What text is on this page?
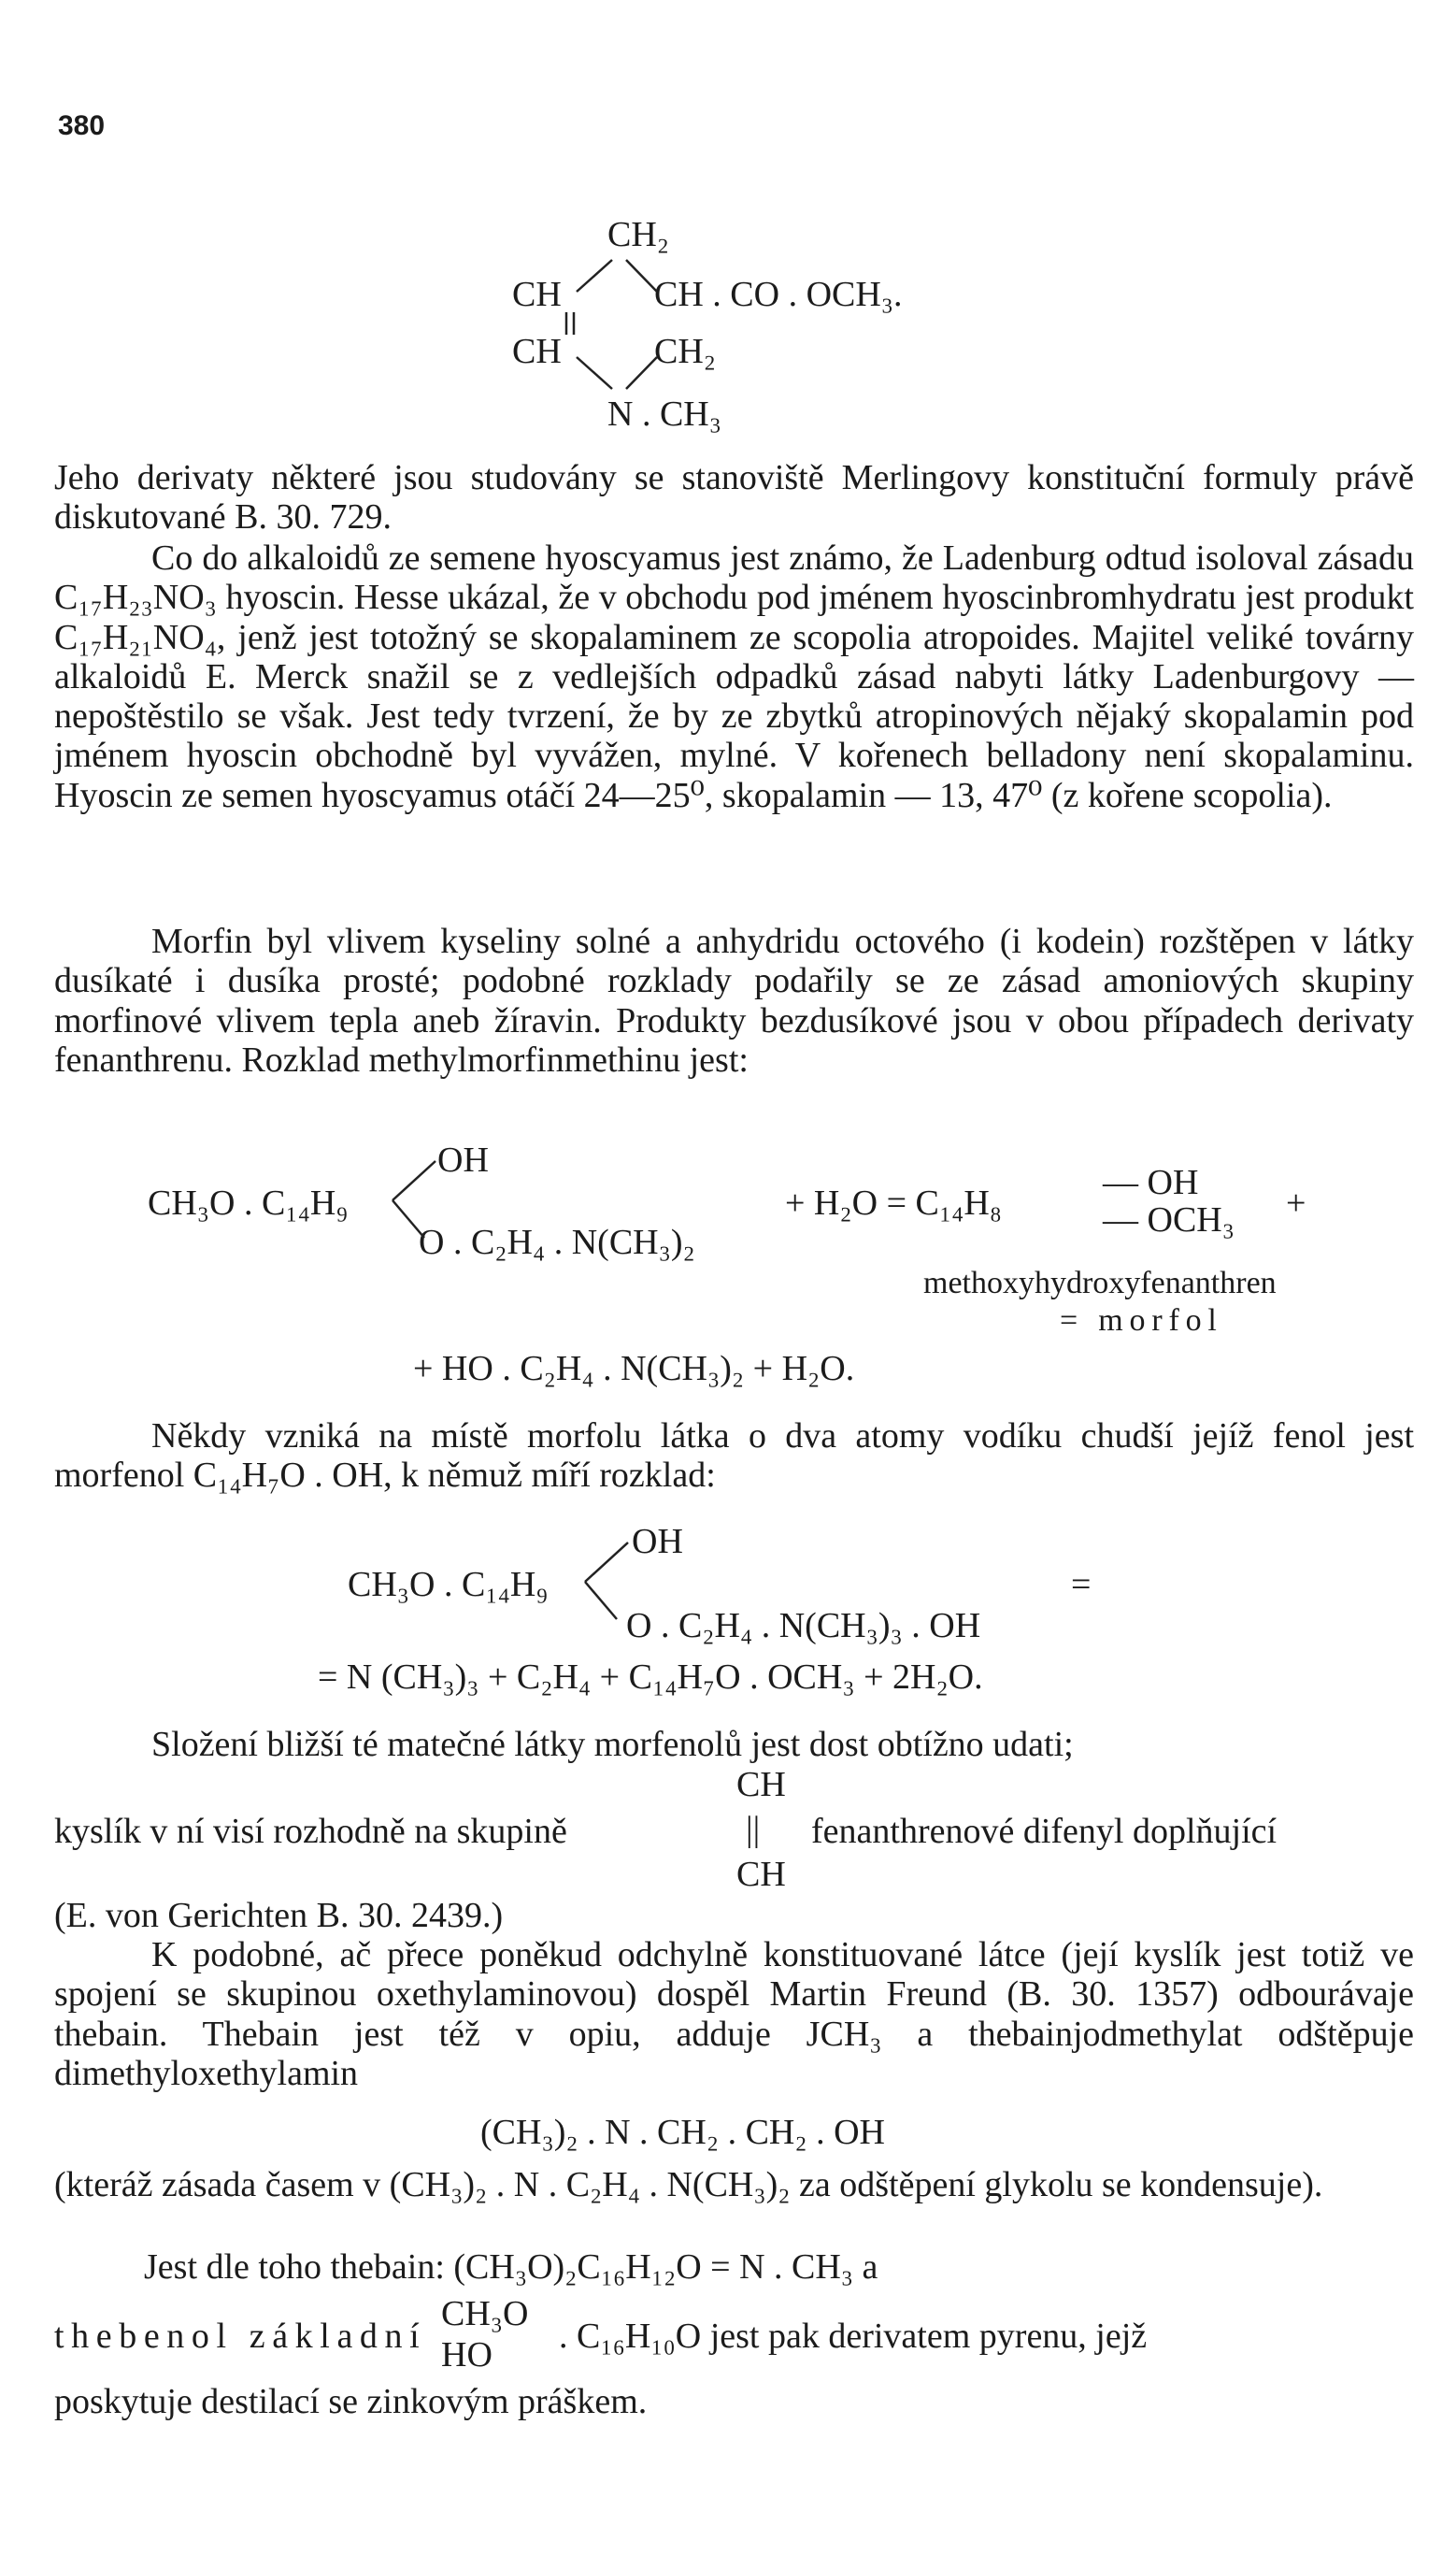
380
CH₂
CH	CH . CO . OCH₃.
CH	CH₂
N . CH₃

Jeho derivaty některé jsou studovány se stanoviště Merlingovy konstituční formuly právě diskutované B. 30. 729.

Co do alkaloidů ze semene hyoscyamus jest známo, že Ladenburg odtud isoloval zásadu C₁₇H₂₃NO₃ hyoscin. Hesse ukázal, že v obchodu pod jménem hyoscinbromhydratu jest produkt C₁₇H₂₁NO₄, jenž jest totožný se skopalaminem ze scopolia atropoides. Majitel veliké továrny alkaloidů E. Merck snažil se z vedlejších odpadků zásad nabyti látky Ladenburgovy — nepoštěstilo se však. Jest tedy tvrzení, že by ze zbytků atropinových nějaký skopalamin pod jménem hyoscin obchodně byl vyvážen, mylné. V kořenech belladony není skopalaminu. Hyoscin ze semen hyoscyamus otáčí 24—25⁰, skopalamin — 13, 47⁰ (z kořene scopolia).

Morfin byl vlivem kyseliny solné a anhydridu octového (i kodein) rozštěpen v látky dusíkaté i dusíka prosté; podobné rozklady podařily se ze zásad amoniových skupiny morfinové vlivem tepla aneb žíravin. Produkty bezdusíkové jsou v obou případech derivaty fenanthrenu. Rozklad methylmorfinmethinu jest:

OH
CH₃O . C₁₄H₉
O . C₂H₄ . N(CH₃)₂
+ H₂O = C₁₄H₈
— OH
— OCH₃ +
methoxyhydroxyfenanthren
= morfol
+ HO . C₂H₄ . N(CH₃)₂ + H₂O.

Někdy vzniká na místě morfolu látka o dva atomy vodíku chudší jejíž fenol jest morfenol C₁₄H₇O . OH, k němuž míří rozklad:

OH
CH₃O . C₁₄H₉
O . C₂H₄ . N(CH₃)₃ . OH
=
= N (CH₃)₃ + C₂H₄ + C₁₄H₇O . OCH₃ + 2H₂O.

Složení bližší té matečné látky morfenolů jest dost obtížno udati;

CH
kyslík v ní visí rozhodně na skupině	|| fenanthrenové difenyl doplňující
CH

(E. von Gerichten B. 30. 2439.)

K podobné, ač přece poněkud odchylně konstituované látce (její kyslík jest totiž ve spojení se skupinou oxethylaminovou) dospěl Martin Freund (B. 30. 1357) odbourávaje thebain. Thebain jest též v opiu, adduje JCH₃ a thebainjodmethylat odštěpuje dimethyloxethylamin

(CH₃)₂ . N . CH₂ . CH₂ . OH

(kteráž zásada časem v (CH₃)₂ . N . C₂H₄ . N(CH₃)₂ za odštěpení glykolu se kondensuje).

Jest dle toho thebain: (CH₃O)₂C₁₆H₁₂O = N . CH₃ a

thebenol základní
CH₃O
HO . C₁₆H₁₀O jest pak derivatem pyrenu, jejž

poskytuje destilací se zinkovým práškem.
